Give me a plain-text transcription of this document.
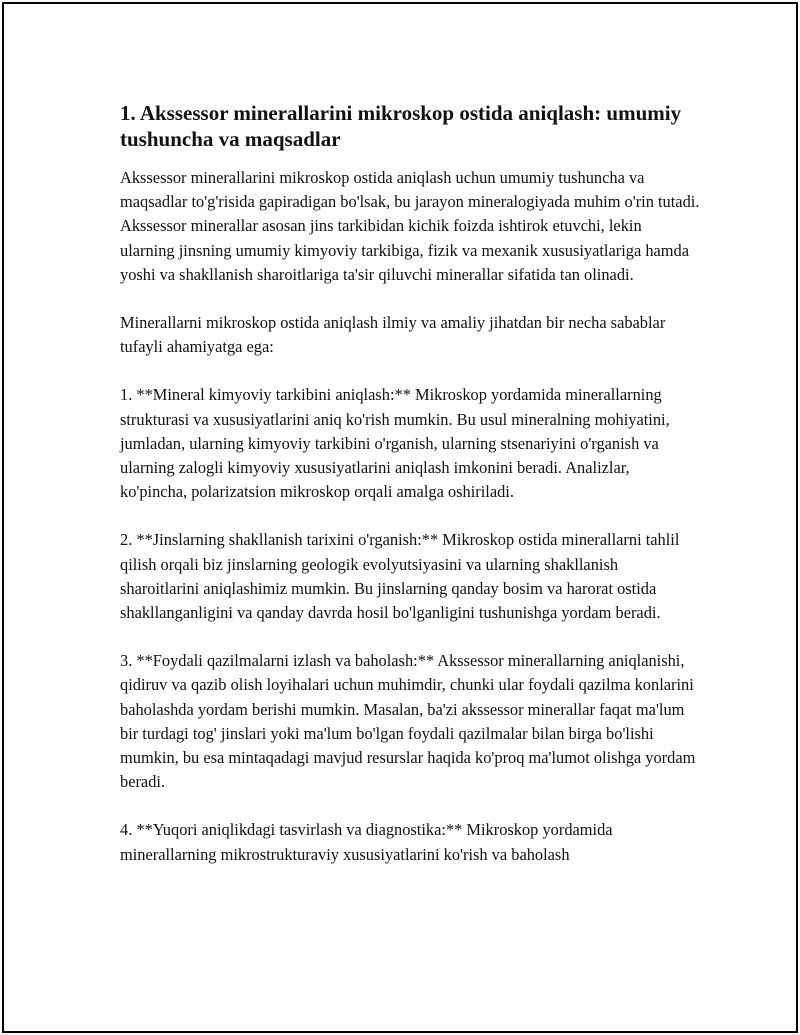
1. Akssessor minerallarini mikroskop ostida aniqlash: umumiy tushuncha va maqsadlar

Akssessor minerallarini mikroskop ostida aniqlash uchun umumiy tushuncha va maqsadlar to'g'risida gapiradigan bo'lsak, bu jarayon mineralogiyada muhim o'rin tutadi. Akssessor minerallar asosan jins tarkibidan kichik foizda ishtirok etuvchi, lekin ularning jinsning umumiy kimyoviy tarkibiga, fizik va mexanik xususiyatlariga hamda yoshi va shakllanish sharoitlariga ta'sir qiluvchi minerallar sifatida tan olinadi.

Minerallarni mikroskop ostida aniqlash ilmiy va amaliy jihatdan bir necha sabablar tufayli ahamiyatga ega:

1. **Mineral kimyoviy tarkibini aniqlash:** Mikroskop yordamida minerallarning strukturasi va xususiyatlarini aniq ko'rish mumkin. Bu usul mineralning mohiyatini, jumladan, ularning kimyoviy tarkibini o'rganish, ularning stsenariyini o'rganish va ularning zalogli kimyoviy xususiyatlarini aniqlash imkonini beradi. Analizlar, ko'pincha, polarizatsion mikroskop orqali amalga oshiriladi.

2. **Jinslarning shakllanish tarixini o'rganish:** Mikroskop ostida minerallarni tahlil qilish orqali biz jinslarning geologik evolyutsiyasini va ularning shakllanish sharoitlarini aniqlashimiz mumkin. Bu jinslarning qanday bosim va harorat ostida shakllanganligini va qanday davrda hosil bo'lganligini tushunishga yordam beradi.

3. **Foydali qazilmalarni izlash va baholash:** Akssessor minerallarning aniqlanishi, qidiruv va qazib olish loyihalari uchun muhimdir, chunki ular foydali qazilma konlarini baholashda yordam berishi mumkin. Masalan, ba'zi akssessor minerallar faqat ma'lum bir turdagi tog' jinslari yoki ma'lum bo'lgan foydali qazilmalar bilan birga bo'lishi mumkin, bu esa mintaqadagi mavjud resurslar haqida ko'proq ma'lumot olishga yordam beradi.

4. **Yuqori aniqlikdagi tasvirlash va diagnostika:** Mikroskop yordamida minerallarning mikrostrukturaviy xususiyatlarini ko'rish va baholash
